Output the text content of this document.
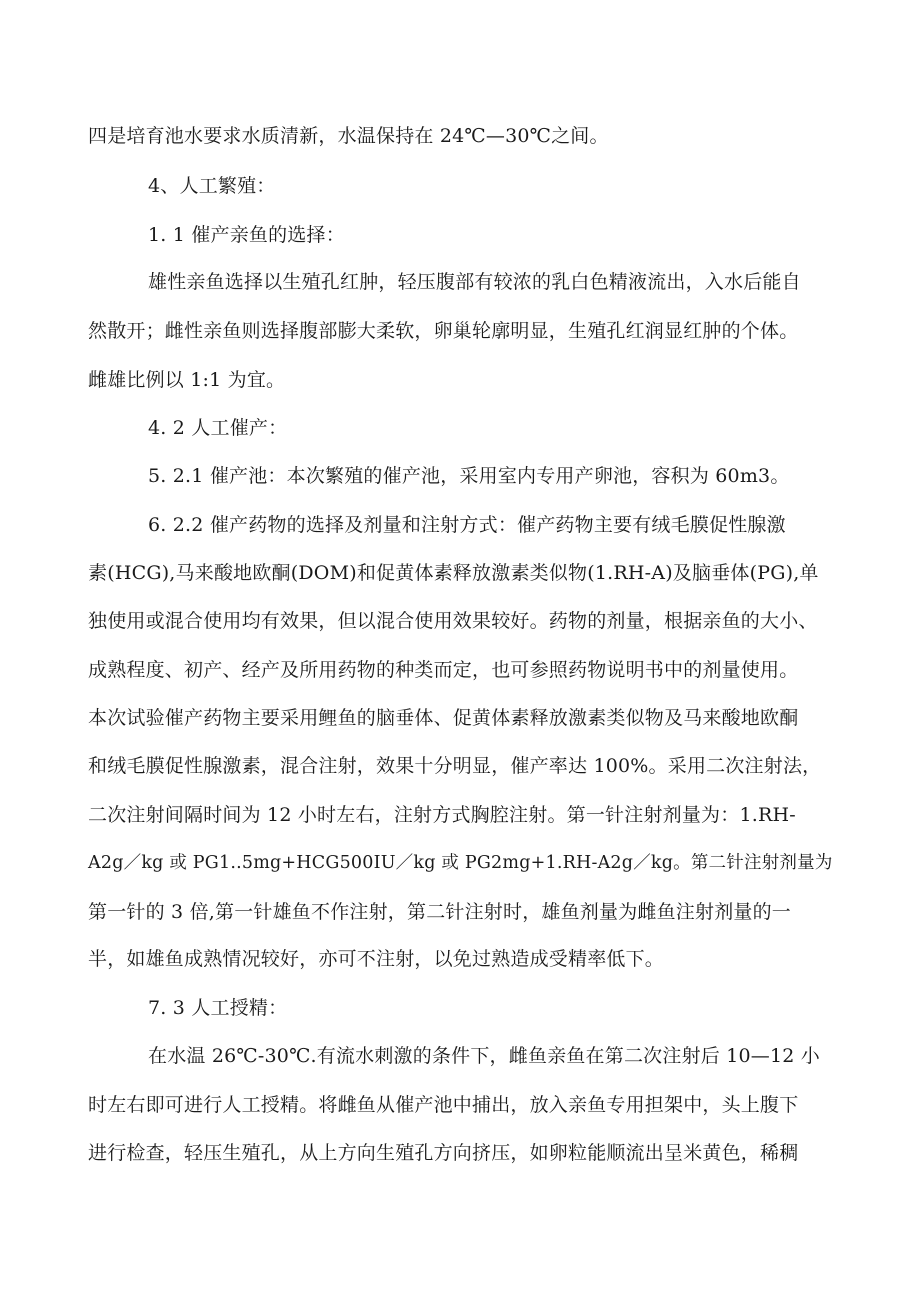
四是培育池水要求水质清新，水温保持在 24℃—30℃之间。
4、人工繁殖：
1. 1 催产亲鱼的选择：
雄性亲鱼选择以生殖孔红肿，轻压腹部有较浓的乳白色精液流出，入水后能自
然散开；雌性亲鱼则选择腹部膨大柔软，卵巢轮廓明显，生殖孔红润显红肿的个体。
雌雄比例以 1:1 为宜。
4. 2 人工催产：
5. 2.1 催产池：本次繁殖的催产池，采用室内专用产卵池，容积为 60m3。
6. 2.2 催产药物的选择及剂量和注射方式：催产药物主要有绒毛膜促性腺激
素(HCG),马来酸地欧酮(DOM)和促黄体素释放激素类似物(1.RH-A)及脑垂体(PG),单
独使用或混合使用均有效果，但以混合使用效果较好。药物的剂量，根据亲鱼的大小、
成熟程度、初产、经产及所用药物的种类而定，也可参照药物说明书中的剂量使用。
本次试验催产药物主要采用鲤鱼的脑垂体、促黄体素释放激素类似物及马来酸地欧酮
和绒毛膜促性腺激素，混合注射，效果十分明显，催产率达 100%。采用二次注射法，
二次注射间隔时间为 12 小时左右，注射方式胸腔注射。第一针注射剂量为：1.RH-
A2g／kg 或 PG1..5mg+HCG500IU／kg 或 PG2mg+1.RH-A2g／kg。第二针注射剂量为
第一针的 3 倍,第一针雄鱼不作注射，第二针注射时，雄鱼剂量为雌鱼注射剂量的一
半，如雄鱼成熟情况较好，亦可不注射，以免过熟造成受精率低下。
7. 3 人工授精：
在水温 26℃-30℃.有流水刺激的条件下，雌鱼亲鱼在第二次注射后 10—12 小
时左右即可进行人工授精。将雌鱼从催产池中捕出，放入亲鱼专用担架中，头上腹下
进行检查，轻压生殖孔，从上方向生殖孔方向挤压，如卵粒能顺流出呈米黄色，稀稠
